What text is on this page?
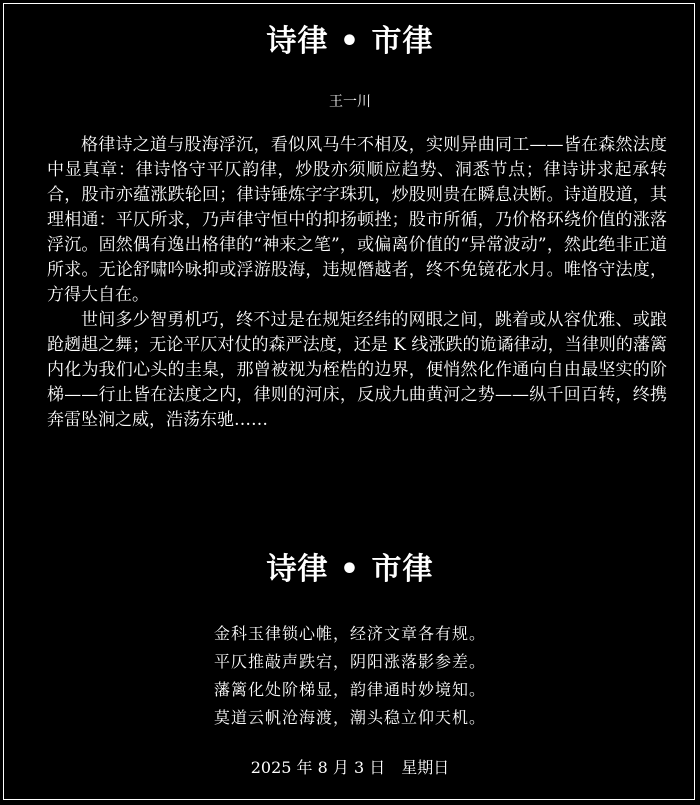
诗律 • 市律
王一川

格律诗之道与股海浮沉，看似风马牛不相及，实则异曲同工——皆在森然法度中显真章：律诗恪守平仄韵律，炒股亦须顺应趋势、洞悉节点；律诗讲求起承转合，股市亦蕴涨跌轮回；律诗锤炼字字珠玑，炒股则贵在瞬息决断。诗道股道，其理相通：平仄所求，乃声律守恒中的抑扬顿挫；股市所循，乃价格环绕价值的涨落浮沉。固然偶有逸出格律的“神来之笔”，或偏离价值的“异常波动”，然此绝非正道所求。无论舒啸吟咏抑或浮游股海，违规僭越者，终不免镜花水月。唯恪守法度，方得大自在。

世间多少智勇机巧，终不过是在规矩经纬的网眼之间，跳着或从容优雅、或踉跄趔趄之舞；无论平仄对仗的森严法度，还是 K 线涨跌的诡谲律动，当律则的藩篱内化为我们心头的圭臬，那曾被视为桎梏的边界，便悄然化作通向自由最坚实的阶梯——行止皆在法度之内，律则的河床，反成九曲黄河之势——纵千回百转，终携奔雷坠涧之威，浩荡东驰……

诗律 • 市律
金科玉律锁心帷，经济文章各有规。
平仄推敲声跌宕，阴阳涨落影参差。
藩篱化处阶梯显，韵律通时妙境知。
莫道云帆沧海渡，潮头稳立仰天机。
2025 年 8 月 3 日　星期日
